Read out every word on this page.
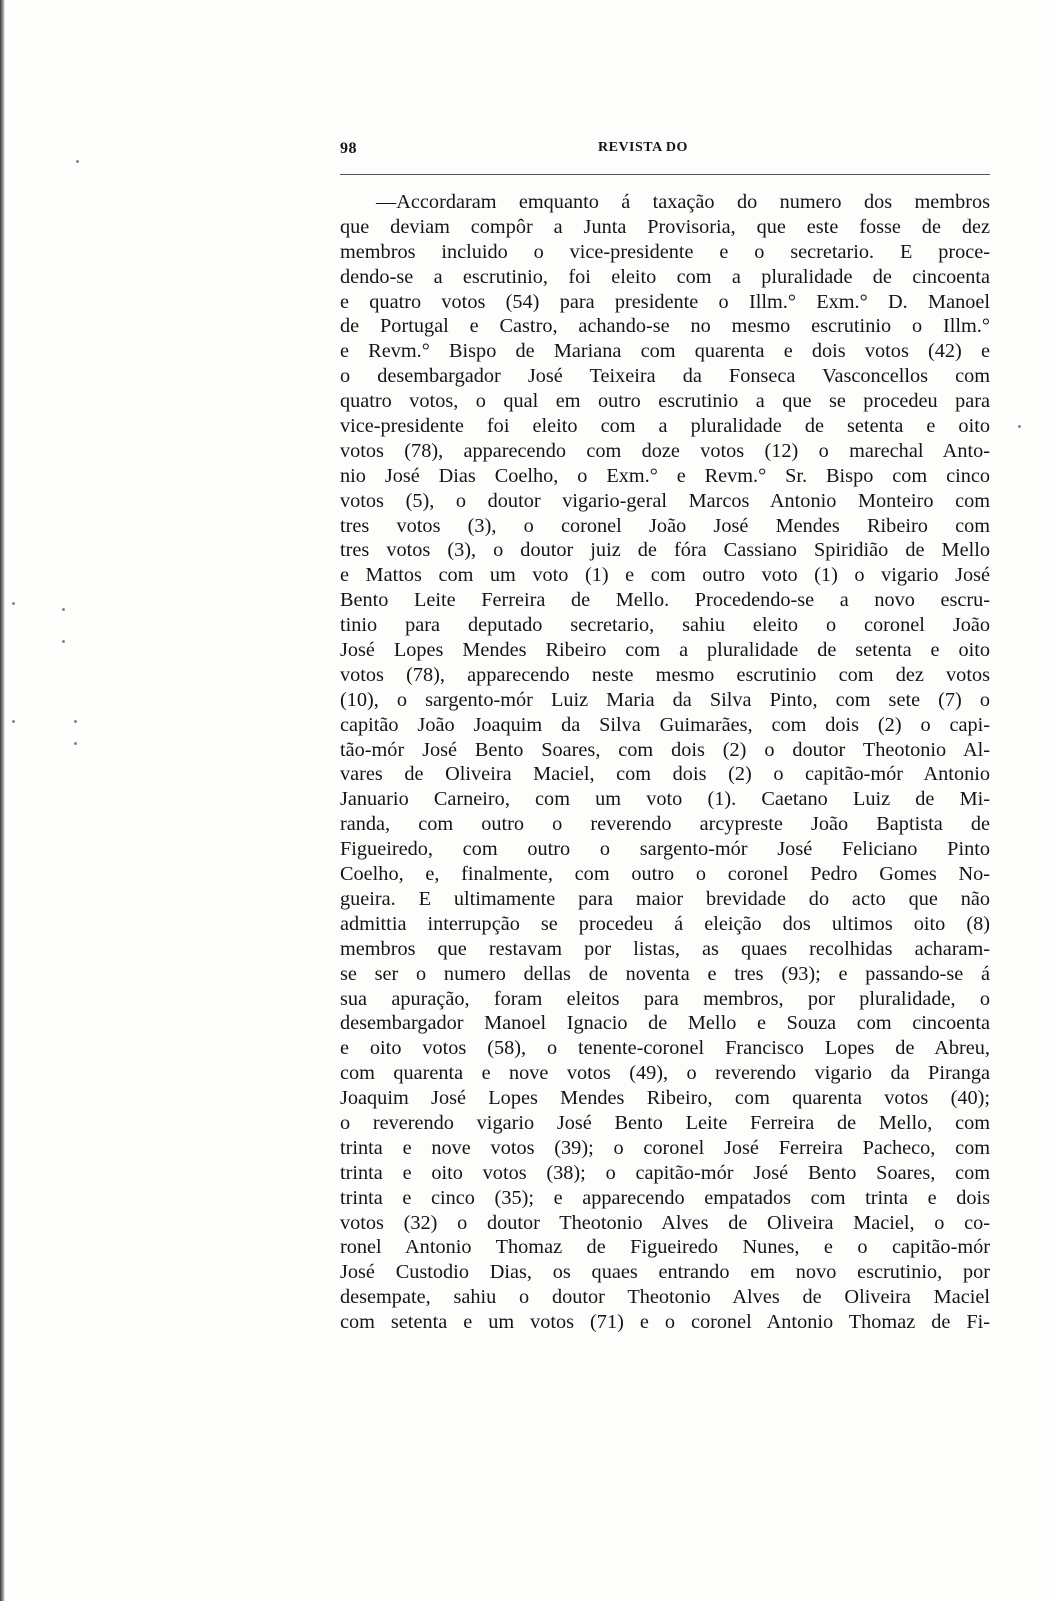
98	REVISTA DO
—Accordaram emquanto á taxação do numero dos membros
que deviam compôr a Junta Provisoria, que este fosse de dez
membros incluido o vice-presidente e o secretario. E proce-
dendo-se a escrutinio, foi eleito com a pluralidade de cincoenta
e quatro votos (54) para presidente o Illm.° Exm.° D. Manoel
de Portugal e Castro, achando-se no mesmo escrutinio o Illm.°
e Revm.° Bispo de Mariana com quarenta e dois votos (42) e
o desembargador José Teixeira da Fonseca Vasconcellos com
quatro votos, o qual em outro escrutinio a que se procedeu para
vice-presidente foi eleito com a pluralidade de setenta e oito
votos (78), apparecendo com doze votos (12) o marechal Anto-
nio José Dias Coelho, o Exm.° e Revm.° Sr. Bispo com cinco
votos (5), o doutor vigario-geral Marcos Antonio Monteiro com
tres votos (3), o coronel João José Mendes Ribeiro com
tres votos (3), o doutor juiz de fóra Cassiano Spiridião de Mello
e Mattos com um voto (1) e com outro voto (1) o vigario José
Bento Leite Ferreira de Mello. Procedendo-se a novo escru-
tinio para deputado secretario, sahiu eleito o coronel João
José Lopes Mendes Ribeiro com a pluralidade de setenta e oito
votos (78), apparecendo neste mesmo escrutinio com dez votos
(10), o sargento-mór Luiz Maria da Silva Pinto, com sete (7) o
capitão João Joaquim da Silva Guimarães, com dois (2) o capi-
tão-mór José Bento Soares, com dois (2) o doutor Theotonio Al-
vares de Oliveira Maciel, com dois (2) o capitão-mór Antonio
Januario Carneiro, com um voto (1). Caetano Luiz de Mi-
randa, com outro o reverendo arcypreste João Baptista de
Figueiredo, com outro o sargento-mór José Feliciano Pinto
Coelho, e, finalmente, com outro o coronel Pedro Gomes No-
gueira. E ultimamente para maior brevidade do acto que não
admittia interrupção se procedeu á eleição dos ultimos oito (8)
membros que restavam por listas, as quaes recolhidas acharam-
se ser o numero dellas de noventa e tres (93); e passando-se á
sua apuração, foram eleitos para membros, por pluralidade, o
desembargador Manoel Ignacio de Mello e Souza com cincoenta
e oito votos (58), o tenente-coronel Francisco Lopes de Abreu,
com quarenta e nove votos (49), o reverendo vigario da Piranga
Joaquim José Lopes Mendes Ribeiro, com quarenta votos (40);
o reverendo vigario José Bento Leite Ferreira de Mello, com
trinta e nove votos (39); o coronel José Ferreira Pacheco, com
trinta e oito votos (38); o capitão-mór José Bento Soares, com
trinta e cinco (35); e apparecendo empatados com trinta e dois
votos (32) o doutor Theotonio Alves de Oliveira Maciel, o co-
ronel Antonio Thomaz de Figueiredo Nunes, e o capitão-mór
José Custodio Dias, os quaes entrando em novo escrutinio, por
desempate, sahiu o doutor Theotonio Alves de Oliveira Maciel
com setenta e um votos (71) e o coronel Antonio Thomaz de Fi-
